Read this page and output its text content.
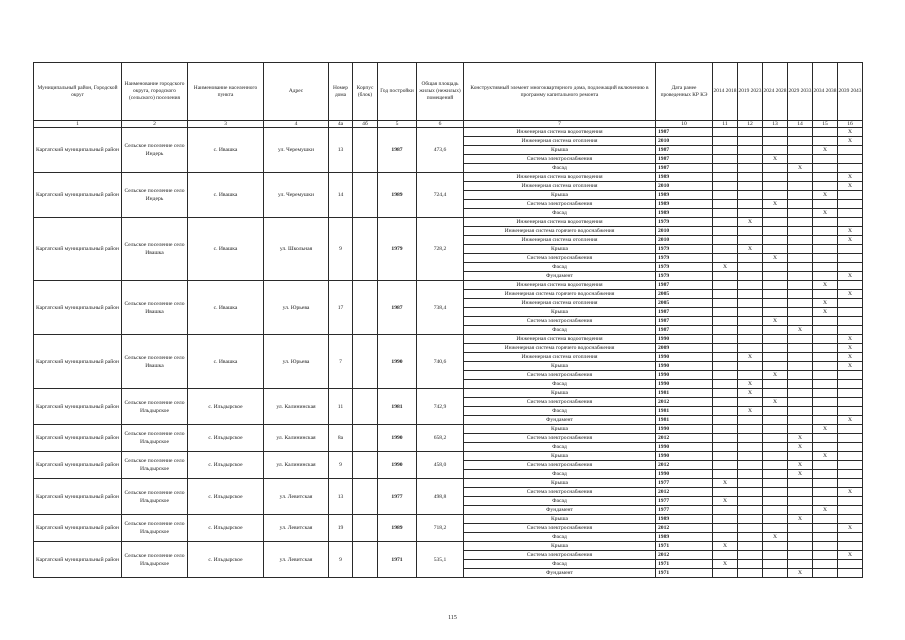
Муниципальный район, Городской округ	Наименование городского округа, городского (сельского) поселения	Наименование населенного пункта	Адрес	Номер дома	Корпус (блок)	Год постройки	Общая площадь жилых (нежилых) помещений	Конструктивный элемент многоквартирного дома, подлежащий включению в программу капитального ремонта	Дата ранее проведенных КР КЭ	2014 2018	2019 2023	2024 2028	2029 2033	2034 2038	2039 2043
1	2	3	4	4а	4б	5	6	7	10	11	12	13	14	15	16
Каргатский муниципальный район	Сельское поселение село Индерь	с. Ивашка	ул. Черемушки	13		1987	473,6	Инженерная система водоотведения	1987						Х
								Инженерная система отопления	2010						Х
								Крыша	1987					Х	
								Система электроснабжения	1987			Х			
								Фасад	1987				Х		
Каргатский муниципальный район	Сельское поселение село Индерь	с. Ивашка	ул. Черемушки	14		1989	724,4	Инженерная система водоотведения	1989						Х
								Инженерная система отопления	2010						Х
								Крыша	1989					Х	
								Система электроснабжения	1989			Х			
								Фасад	1989					Х	
Каргатский муниципальный район	Сельское поселение село Ивашка	с. Ивашка	ул. Школьная	9		1979	728,2	Инженерная система водоотведения	1979		Х				
								Инженерная система горячего водоснабжения	2010						Х
								Инженерная система отопления	2010						Х
								Крыша	1979		Х				
								Система электроснабжения	1979			Х			
								Фасад	1979	Х					
								Фундамент	1979						Х
Каргатский муниципальный район	Сельское поселение село Ивашка	с. Ивашка	ул. Юрьева	17		1987	738,4	Инженерная система водоотведения	1987					Х	
								Инженерная система горячего водоснабжения	2005						Х
								Инженерная система отопления	2005					Х	
								Крыша	1987					Х	
								Система электроснабжения	1987			Х			
								Фасад	1987				Х		
Каргатский муниципальный район	Сельское поселение село Ивашка	с. Ивашка	ул. Юрьева	7		1990	740,6	Инженерная система водоотведения	1990						Х
								Инженерная система горячего водоснабжения	2009						Х
								Инженерная система отопления	1990		Х				Х
								Крыша	1990						Х
								Система электроснабжения	1990			Х			
								Фасад	1990		Х				
Каргатский муниципальный район	Сельское поселение село Ильдырское	с. Ильдырское	ул. Калининская	11		1981	742,9	Крыша	1981		Х				
								Система электроснабжения	2012			Х			
								Фасад	1981		Х				
								Фундамент	1981						Х
Каргатский муниципальный район	Сельское поселение село Ильдырское	с. Ильдырское	ул. Калининская	8а		1990	658,2	Крыша	1990					Х	
								Система электроснабжения	2012				Х		
								Фасад	1990				Х		
Каргатский муниципальный район	Сельское поселение село Ильдырское	с. Ильдырское	ул. Калининская	9		1990	458,0	Крыша	1990					Х	
								Система электроснабжения	2012				Х		
								Фасад	1990				Х		
Каргатский муниципальный район	Сельское поселение село Ильдырское	с. Ильдырское	ул. Левитская	13		1977	498,8	Крыша	1977	Х					
								Система электроснабжения	2012						Х
								Фасад	1977	Х					
								Фундамент	1977					Х	
Каргатский муниципальный район	Сельское поселение село Ильдырское	с. Ильдырское	ул. Левитская	19		1989	718,2	Крыша	1989				Х		
								Система электроснабжения	2012						Х
								Фасад	1989			Х			
Каргатский муниципальный район	Сельское поселение село Ильдырское	с. Ильдырское	ул. Левитская	9		1971	535,1	Крыша	1971	Х					
								Система электроснабжения	2012						Х
								Фасад	1971	Х					
								Фундамент	1971				Х		
115
